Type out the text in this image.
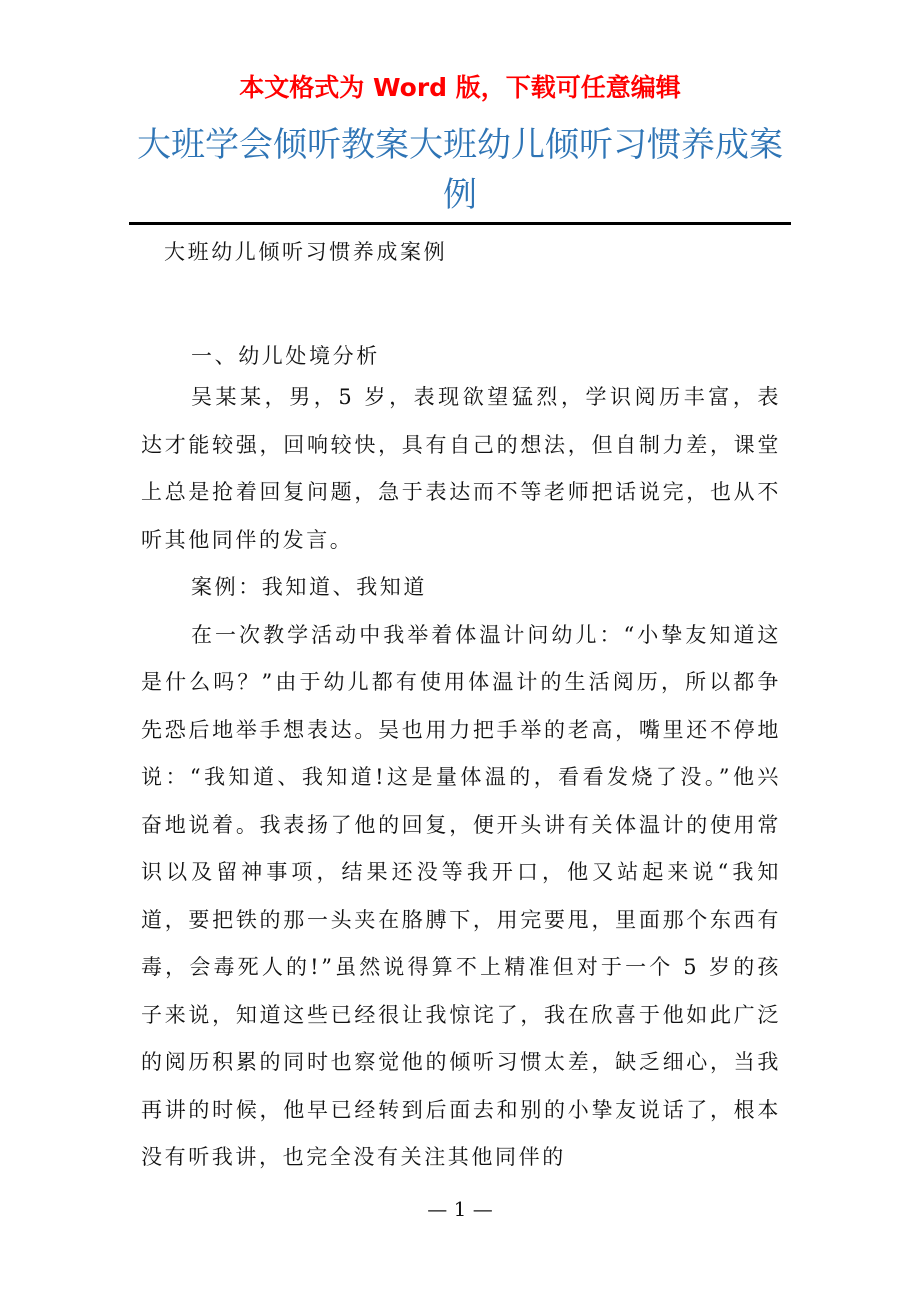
本文格式为 Word 版，下载可任意编辑
大班学会倾听教案大班幼儿倾听习惯养成案例
大班幼儿倾听习惯养成案例

一、幼儿处境分析

吴某某，男，5 岁，表现欲望猛烈，学识阅历丰富，表达才能较强，回响较快，具有自己的想法，但自制力差，课堂上总是抢着回复问题，急于表达而不等老师把话说完，也从不听其他同伴的发言。

案例：我知道、我知道

在一次教学活动中我举着体温计问幼儿：“小挚友知道这是什么吗？”由于幼儿都有使用体温计的生活阅历，所以都争先恐后地举手想表达。吴也用力把手举的老高，嘴里还不停地说：“我知道、我知道!这是量体温的，看看发烧了没。”他兴奋地说着。我表扬了他的回复，便开头讲有关体温计的使用常识以及留神事项，结果还没等我开口，他又站起来说“我知道，要把铁的那一头夹在胳膊下，用完要甩，里面那个东西有毒，会毒死人的!”虽然说得算不上精准但对于一个 5 岁的孩子来说，知道这些已经很让我惊诧了，我在欣喜于他如此广泛的阅历积累的同时也察觉他的倾听习惯太差，缺乏细心，当我再讲的时候，他早已经转到后面去和别的小挚友说话了，根本没有听我讲，也完全没有关注其他同伴的

— 1 —
